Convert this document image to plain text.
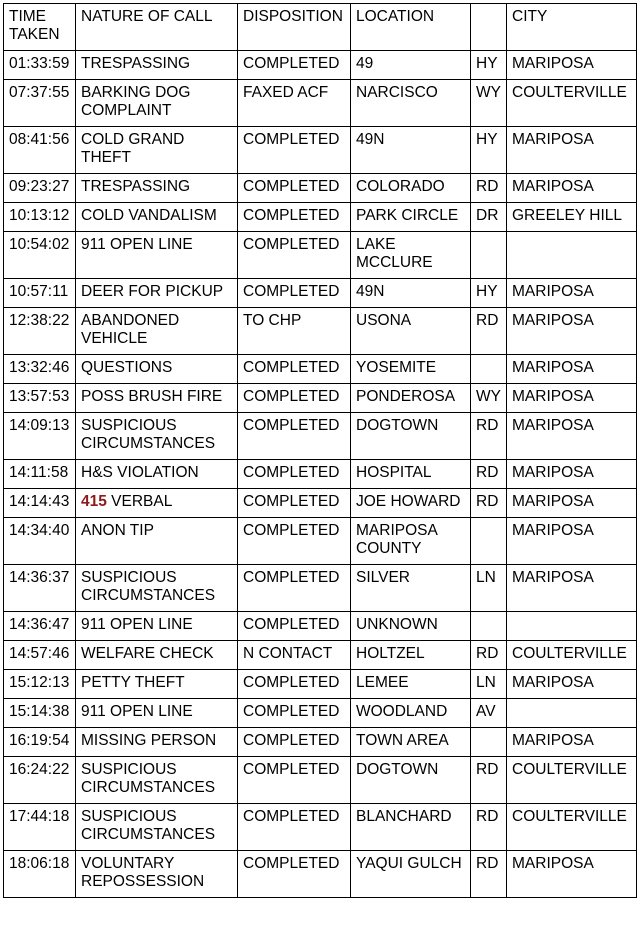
TIME TAKEN	NATURE OF CALL	DISPOSITION	LOCATION		CITY
01:33:59	TRESPASSING	COMPLETED	49	HY	MARIPOSA
07:37:55	BARKING DOG COMPLAINT	FAXED ACF	NARCISCO	WY	COULTERVILLE
08:41:56	COLD GRAND THEFT	COMPLETED	49N	HY	MARIPOSA
09:23:27	TRESPASSING	COMPLETED	COLORADO	RD	MARIPOSA
10:13:12	COLD VANDALISM	COMPLETED	PARK CIRCLE	DR	GREELEY HILL
10:54:02	911 OPEN LINE	COMPLETED	LAKE MCCLURE		
10:57:11	DEER FOR PICKUP	COMPLETED	49N	HY	MARIPOSA
12:38:22	ABANDONED VEHICLE	TO CHP	USONA	RD	MARIPOSA
13:32:46	QUESTIONS	COMPLETED	YOSEMITE		MARIPOSA
13:57:53	POSS BRUSH FIRE	COMPLETED	PONDEROSA	WY	MARIPOSA
14:09:13	SUSPICIOUS CIRCUMSTANCES	COMPLETED	DOGTOWN	RD	MARIPOSA
14:11:58	H&S VIOLATION	COMPLETED	HOSPITAL	RD	MARIPOSA
14:14:43	415 VERBAL	COMPLETED	JOE HOWARD	RD	MARIPOSA
14:34:40	ANON TIP	COMPLETED	MARIPOSA COUNTY		MARIPOSA
14:36:37	SUSPICIOUS CIRCUMSTANCES	COMPLETED	SILVER	LN	MARIPOSA
14:36:47	911 OPEN LINE	COMPLETED	UNKNOWN		
14:57:46	WELFARE CHECK	N CONTACT	HOLTZEL	RD	COULTERVILLE
15:12:13	PETTY THEFT	COMPLETED	LEMEE	LN	MARIPOSA
15:14:38	911 OPEN LINE	COMPLETED	WOODLAND	AV	
16:19:54	MISSING PERSON	COMPLETED	TOWN AREA		MARIPOSA
16:24:22	SUSPICIOUS CIRCUMSTANCES	COMPLETED	DOGTOWN	RD	COULTERVILLE
17:44:18	SUSPICIOUS CIRCUMSTANCES	COMPLETED	BLANCHARD	RD	COULTERVILLE
18:06:18	VOLUNTARY REPOSSESSION	COMPLETED	YAQUI GULCH	RD	MARIPOSA
